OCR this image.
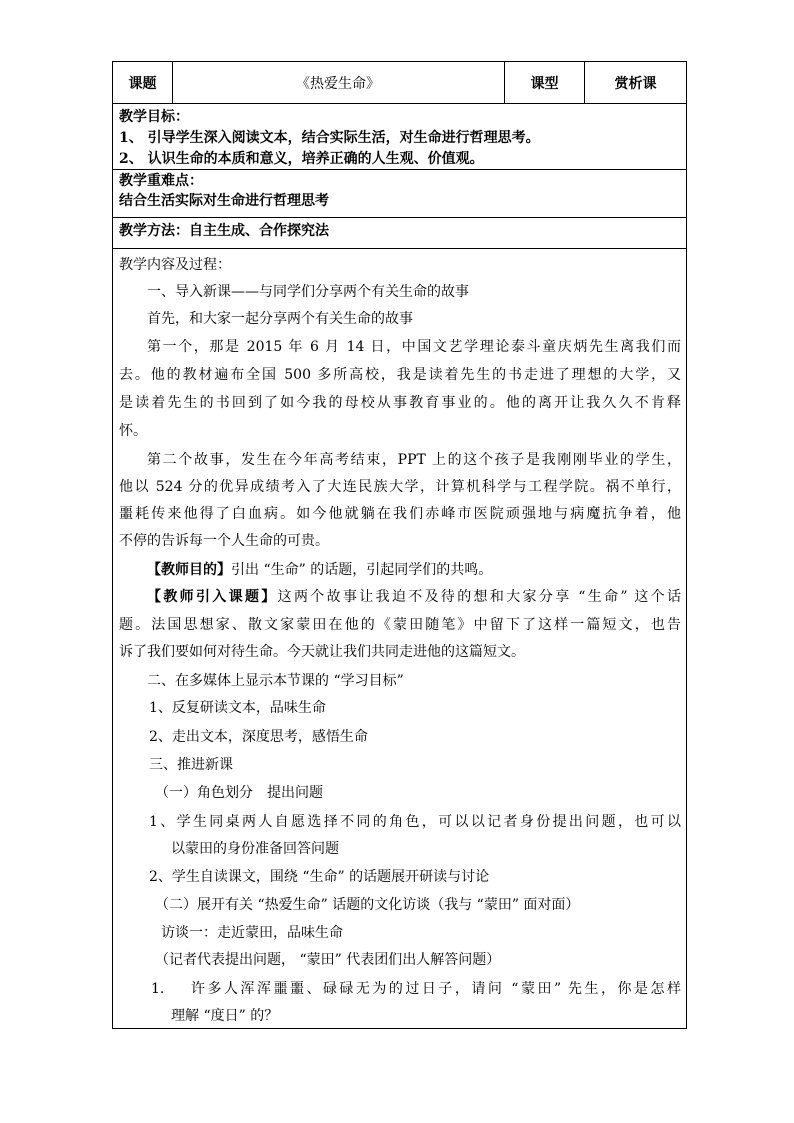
课题	《热爱生命》	课型	赏析课
教学目标：
1、 引导学生深入阅读文本，结合实际生活，对生命进行哲理思考。
2、 认识生命的本质和意义，培养正确的人生观、价值观。
教学重难点：
结合生活实际对生命进行哲理思考
教学方法：自主生成、合作探究法
教学内容及过程：
一、导入新课——与同学们分享两个有关生命的故事
首先，和大家一起分享两个有关生命的故事
第一个，那是 2015 年 6 月 14 日，中国文艺学理论泰斗童庆炳先生离我们而
去。他的教材遍布全国 500 多所高校，我是读着先生的书走进了理想的大学，又
是读着先生的书回到了如今我的母校从事教育事业的。他的离开让我久久不肯释
怀。
第二个故事，发生在今年高考结束，PPT 上的这个孩子是我刚刚毕业的学生，
他以 524 分的优异成绩考入了大连民族大学，计算机科学与工程学院。祸不单行，
噩耗传来他得了白血病。如今他就躺在我们赤峰市医院顽强地与病魔抗争着，他
不停的告诉每一个人生命的可贵。
【教师目的】引出 “生命” 的话题，引起同学们的共鸣。
【教师引入课题】这两个故事让我迫不及待的想和大家分享 “生命” 这个话
题。法国思想家、散文家蒙田在他的《蒙田随笔》中留下了这样一篇短文，也告
诉了我们要如何对待生命。今天就让我们共同走进他的这篇短文。
二、在多媒体上显示本节课的 “学习目标”
1、反复研读文本，品味生命
2、走出文本，深度思考，感悟生命
三、推进新课
（一）角色划分　提出问题
1、学生同桌两人自愿选择不同的角色，可以以记者身份提出问题，也可以
以蒙田的身份准备回答问题
2、学生自读课文，围绕 “生命” 的话题展开研读与讨论
（二）展开有关 “热爱生命” 话题的文化访谈（我与 “蒙田” 面对面）
访谈一：走近蒙田，品味生命
（记者代表提出问题， “蒙田” 代表团们出人解答问题）
1. 许多人浑浑噩噩、碌碌无为的过日子，请问 “蒙田” 先生，你是怎样
理解 “度日” 的？
